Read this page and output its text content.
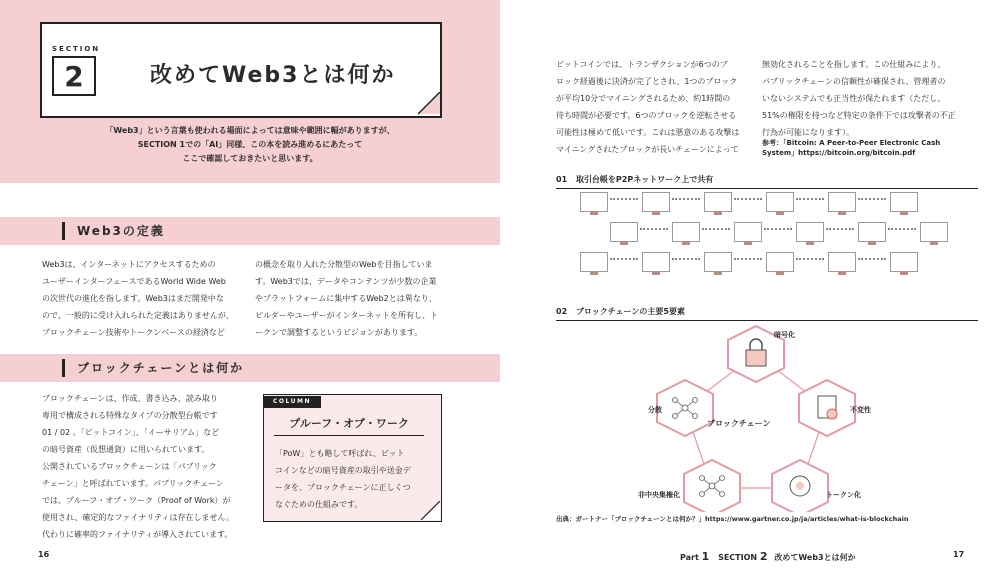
SECTION
2	改めてWeb3とは何か
「Web3」という言葉も使われる場面によっては意味や範囲に幅がありますが、
SECTION 1での「AI」同様、この本を読み進めるにあたって
ここで確認しておきたいと思います。
Web3の定義
Web3は、インターネットにアクセスするための
ユーザーインターフェースであるWorld Wide Web
の次世代の進化を指します。Web3はまだ開発中な
ので、一般的に受け入れられた定義はありませんが、
ブロックチェーン技術やトークンベースの経済など
の概念を取り入れた分散型のWebを目指していま
す。Web3では、データやコンテンツが少数の企業
やプラットフォームに集中するWeb2とは異なり、
ビルダーやユーザーがインターネットを所有し、ト
ークンで調整するというビジョンがあります。
ブロックチェーンとは何か
ブロックチェーンは、作成、書き込み、読み取り
専用で構成される特殊なタイプの分散型台帳です
01 / 02 。「ビットコイン」、「イーサリアム」など
の暗号資産（仮想通貨）に用いられています。
公開されているブロックチェーンは「パブリック
チェーン」と呼ばれています。パブリックチェーン
では、プルーフ・オブ・ワーク（Proof of Work）が
使用され、確定的なファイナリティは存在しません。
代わりに確率的ファイナリティが導入されています。
COLUMN
プルーフ・オブ・ワーク
「PoW」とも略して呼ばれ、ビット
コインなどの暗号資産の取引や送金デ
ータを、ブロックチェーンに正しくつ
なぐための仕組みです。
16
ビットコインでは、トランザクションが6つのブ
ロック経過後に決済が完了とされ、1つのブロック
が平均10分でマイニングされるため、約1時間の
待ち時間が必要です。6つのブロックを逆転させる
可能性は極めて低いです。これは悪意のある攻撃は
マイニングされたブロックが長いチェーンによって
無効化されることを指します。この仕組みにより、
パブリックチェーンの信頼性が確保され、管理者の
いないシステムでも正当性が保たれます（ただし、
51%の権限を持つなど特定の条件下では攻撃者の不正
行為が可能になります）。
参考：「Bitcoin: A Peer-to-Peer Electronic Cash
System」https://bitcoin.org/bitcoin.pdf
01 取引台帳をP2Pネットワーク上で共有
02 ブロックチェーンの主要5要素
ブロックチェーン
暗号化
不変性
トークン化
非中央集権化
分散
出典：ガートナー「ブロックチェーンとは何か？」https://www.gartner.co.jp/ja/articles/what-is-blockchain
Part 1 SECTION 2 改めてWeb3とは何か	17
